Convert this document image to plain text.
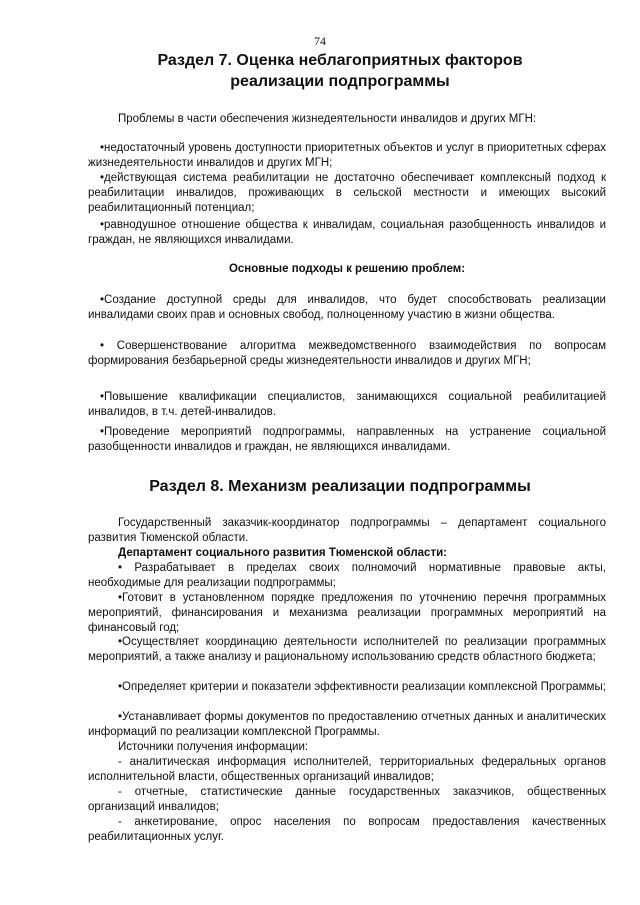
74
Раздел 7. Оценка неблагоприятных факторов
реализации подпрограммы

Проблемы в части обеспечения жизнедеятельности инвалидов и других МГН:

•недостаточный уровень доступности приоритетных объектов и услуг в приоритетных сферах жизнедеятельности инвалидов и других МГН;

•действующая система реабилитации не достаточно обеспечивает комплексный подход к реабилитации инвалидов, проживающих в сельской местности и имеющих высокий реабилитационный потенциал;

•равнодушное отношение общества к инвалидам, социальная разобщенность инвалидов и граждан, не являющихся инвалидами.

Основные подходы к решению проблем:

•Создание доступной среды для инвалидов, что будет способствовать реализации инвалидами своих прав и основных свобод, полноценному участию в жизни общества.

• Совершенствование алгоритма межведомственного взаимодействия по вопросам формирования безбарьерной среды жизнедеятельности инвалидов и других МГН;

•Повышение квалификации специалистов, занимающихся социальной реабилитацией инвалидов, в т.ч. детей-инвалидов.

•Проведение мероприятий подпрограммы, направленных на устранение социальной разобщенности инвалидов и граждан, не являющихся инвалидами.

Раздел 8. Механизм реализации подпрограммы

Государственный заказчик-координатор подпрограммы – департамент социального развития Тюменской области.

Департамент социального развития Тюменской области:

• Разрабатывает в пределах своих полномочий нормативные правовые акты, необходимые для реализации подпрограммы;

•Готовит в установленном порядке предложения по уточнению перечня программных мероприятий, финансирования и механизма реализации программных мероприятий на финансовый год;

•Осуществляет координацию деятельности исполнителей по реализации программных мероприятий, а также анализу и рациональному использованию средств областного бюджета;

•Определяет критерии и показатели эффективности реализации комплексной Программы;

•Устанавливает формы документов по предоставлению отчетных данных и аналитических информаций по реализации комплексной Программы.

Источники получения информации:

- аналитическая информация исполнителей, территориальных федеральных органов исполнительной власти, общественных организаций инвалидов;

- отчетные, статистические данные государственных заказчиков, общественных организаций инвалидов;

- анкетирование, опрос населения по вопросам предоставления качественных реабилитационных услуг.
